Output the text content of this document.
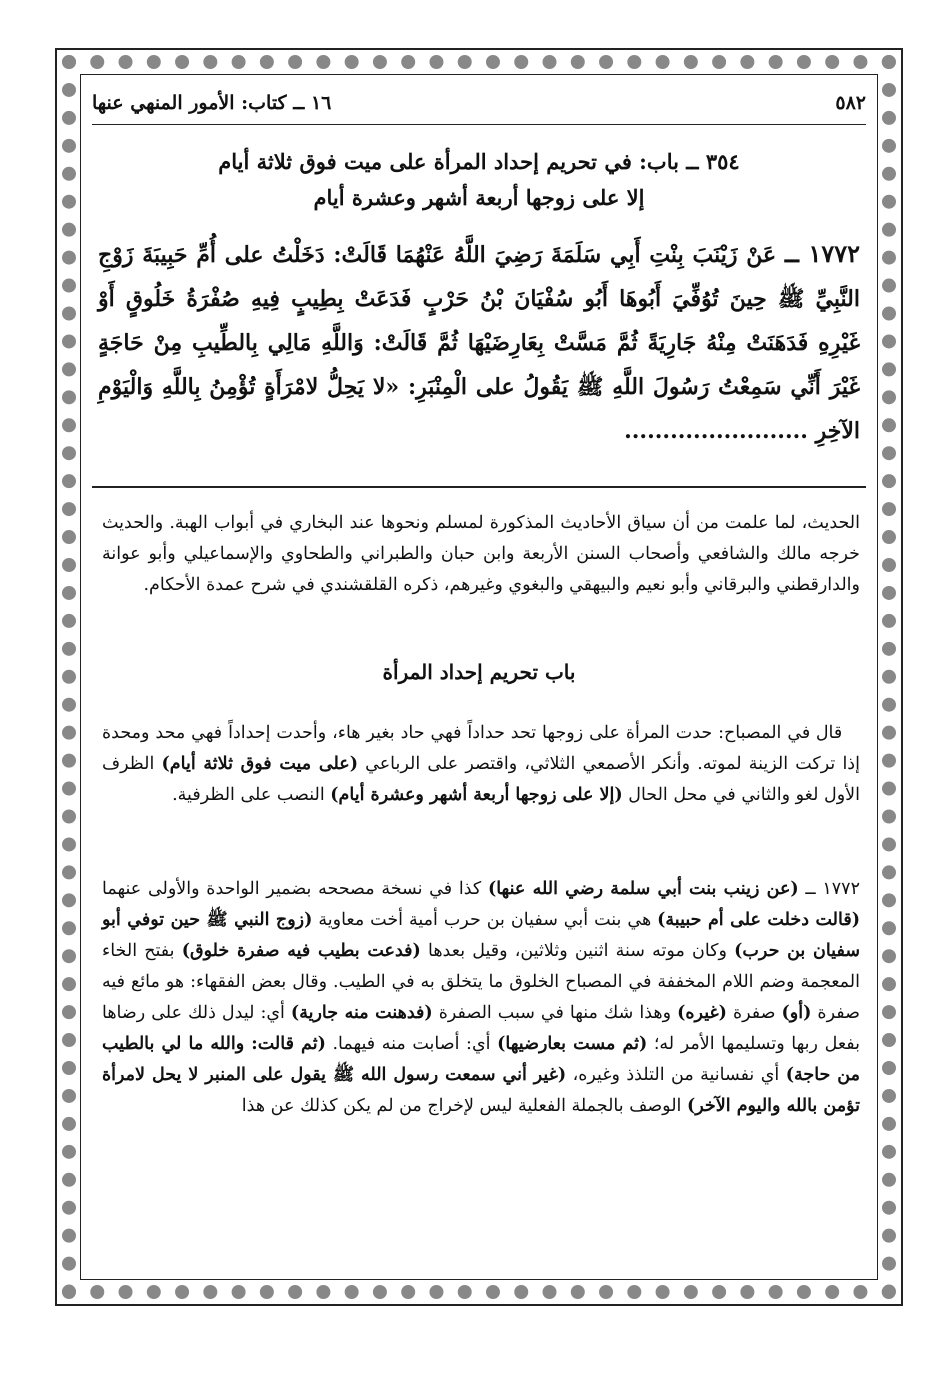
٥٨٢
١٦ ــ كتاب: الأمور المنهي عنها
٣٥٤ ــ باب: في تحريم إحداد المرأة على ميت فوق ثلاثة أيام
إلا على زوجها أربعة أشهر وعشرة أيام
١٧٧٢ ــ عَنْ زَيْنَبَ بِنْتِ أَبِي سَلَمَةَ رَضِيَ اللَّهُ عَنْهُمَا قَالَتْ: دَخَلْتُ على أُمِّ حَبِيبَةَ زَوْجِ النَّبِيِّ ﷺ حِينَ تُوُفِّيَ أَبُوهَا أَبُو سُفْيَانَ بْنُ حَرْبٍ فَدَعَتْ بِطِيبٍ فِيهِ صُفْرَةُ خَلُوقٍ أَوْ غَيْرِهِ فَدَهَنَتْ مِنْهُ جَارِيَةً ثُمَّ مَسَّتْ بِعَارِضَيْهَا ثُمَّ قَالَتْ: وَاللَّهِ مَالِي بِالطِّيبِ مِنْ حَاجَةٍ غَيْرَ أَنِّي سَمِعْتُ رَسُولَ اللَّهِ ﷺ يَقُولُ على الْمِنْبَرِ: «لا يَحِلُّ لامْرَأَةٍ تُؤْمِنُ بِاللَّهِ وَالْيَوْمِ الآخِرِ ........................

الحديث، لما علمت من أن سياق الأحاديث المذكورة لمسلم ونحوها عند البخاري في أبواب الهبة. والحديث خرجه مالك والشافعي وأصحاب السنن الأربعة وابن حبان والطبراني والطحاوي والإسماعيلي وأبو عوانة والدارقطني والبرقاني وأبو نعيم والبيهقي والبغوي وغيرهم، ذكره القلقشندي في شرح عمدة الأحكام.

باب تحريم إحداد المرأة

قال في المصباح: حدت المرأة على زوجها تحد حداداً فهي حاد بغير هاء، وأحدت إحداداً فهي محد ومحدة إذا تركت الزينة لموته. وأنكر الأصمعي الثلاثي، واقتصر على الرباعي (على ميت فوق ثلاثة أيام) الظرف الأول لغو والثاني في محل الحال (إلا على زوجها أربعة أشهر وعشرة أيام) النصب على الظرفية.

١٧٧٢ ــ (عن زينب بنت أبي سلمة رضي الله عنها) كذا في نسخة مصححه بضمير الواحدة والأولى عنهما (قالت دخلت على أم حبيبة) هي بنت أبي سفيان بن حرب أمية أخت معاوية (زوج النبي ﷺ حين توفي أبو سفيان بن حرب) وكان موته سنة اثنين وثلاثين، وقيل بعدها (فدعت بطيب فيه صفرة خلوق) بفتح الخاء المعجمة وضم اللام المخففة في المصباح الخلوق ما يتخلق به في الطيب. وقال بعض الفقهاء: هو مائع فيه صفرة (أو) صفرة (غيره) وهذا شك منها في سبب الصفرة (فدهنت منه جارية) أي: ليدل ذلك على رضاها بفعل ربها وتسليمها الأمر له؛ (ثم مست بعارضيها) أي: أصابت منه فيهما. (ثم قالت: والله ما لي بالطيب من حاجة) أي نفسانية من التلذذ وغيره، (غير أني سمعت رسول الله ﷺ يقول على المنبر لا يحل لامرأة تؤمن بالله واليوم الآخر) الوصف بالجملة الفعلية ليس لإخراج من لم يكن كذلك عن هذا
